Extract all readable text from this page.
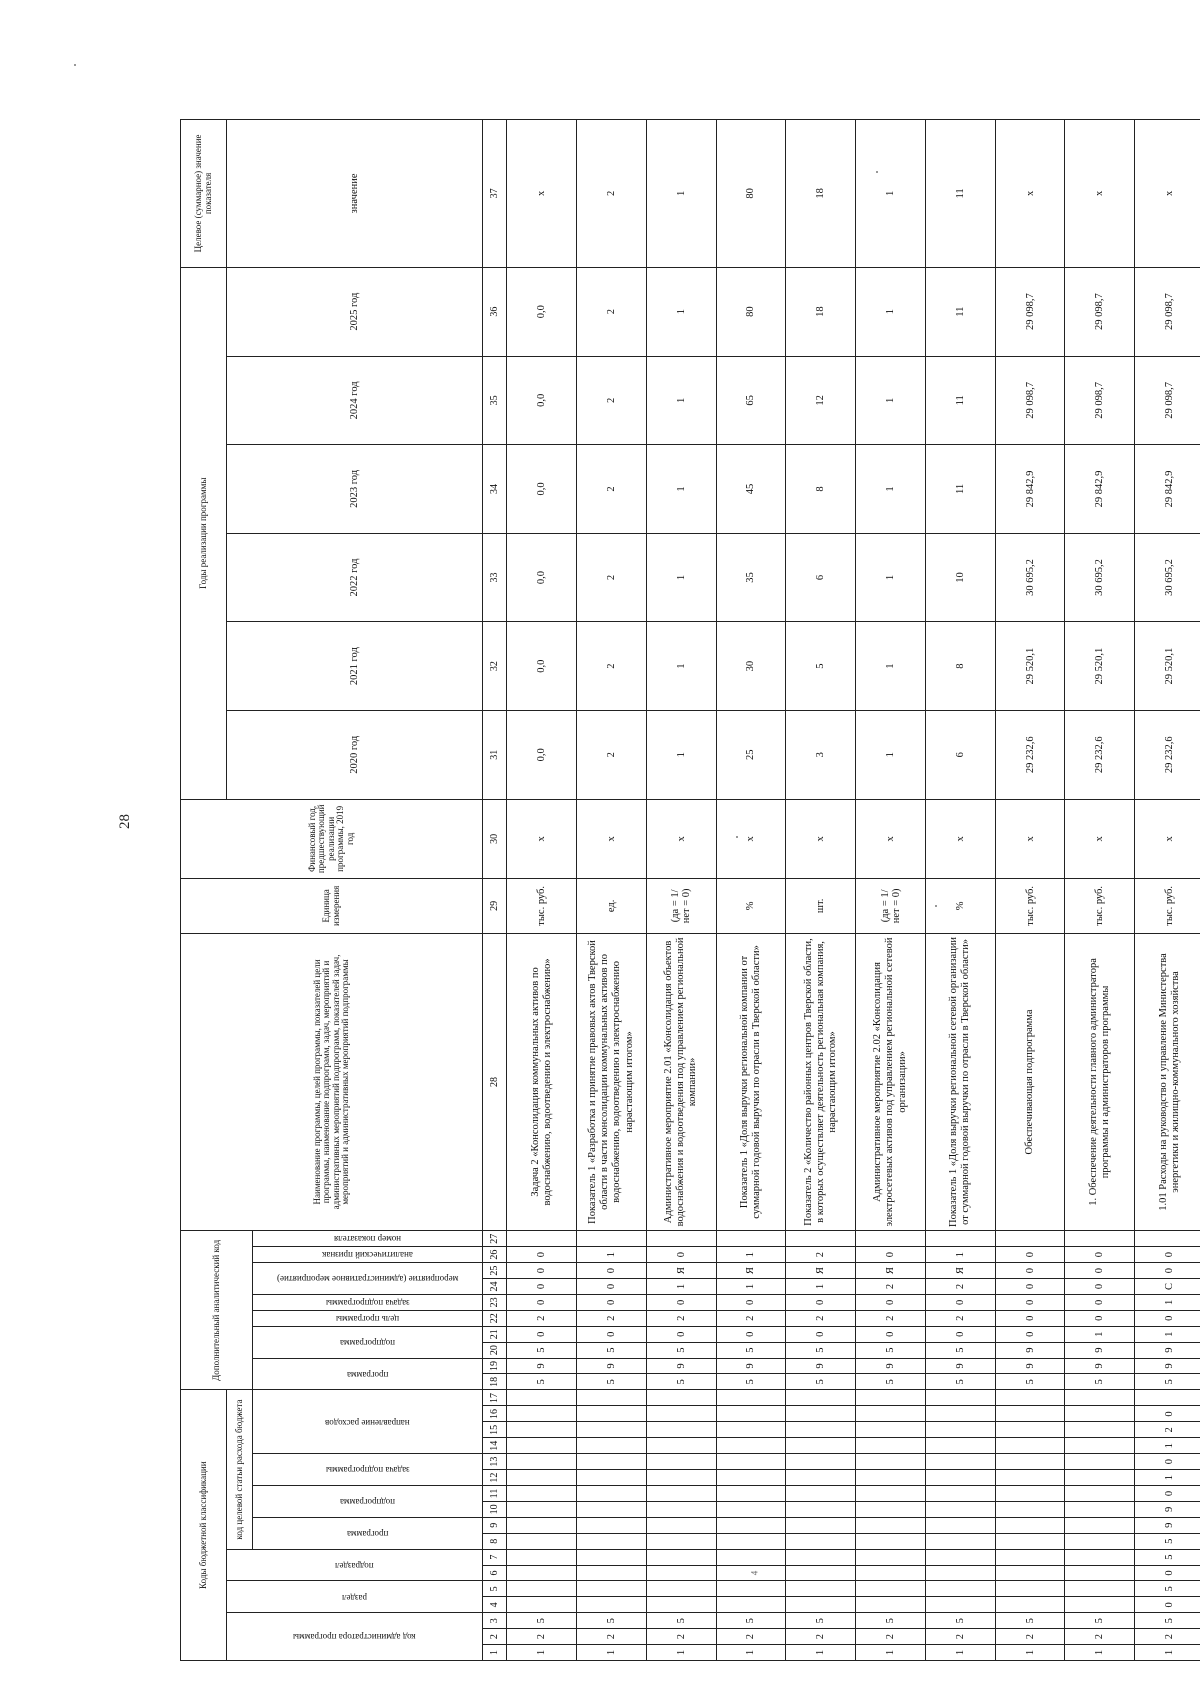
28
4
Коды бюджетной классификации																	Дополнительный аналитический код										Наименование программы, целей программы, показателей цели программы, наименование подпрограмм, задач, мероприятий и административных мероприятий подпрограмм, показателей задач, мероприятий и административных мероприятий подпрограммы	Единица измерения	Финансовый год, предшествующий реализации программы, 2019 год	Годы реализации программы						Целевое (суммарное) значение показателя

код администратора программы			раздел		подраздел		код целевой статьи расхода бюджета																							2020 год	2021 год	2022 год	2023 год	2024 год	2025 год	значение

							программа		подпрограмма		задача подпрограммы		направление расходов				программа		подпрограмма		цель программы	задача подпрограммы	мероприятие (административное мероприятие)		аналитический признак	номер показателя										

1	2	3	4	5	6	7	8	9	10	11	12	13	14	15	16	17	18	19	20	21	22	23	24	25	26	27	28	29	30	31	32	33	34	35	36	37
1	2	5															5	9	5	0	2	0	0	0	0		Задача 2 «Консолидация коммунальных активов по водоснабжению, водоотведению и электроснабжению»	тыс. руб.	x	0,0	0,0	0,0	0,0	0,0	0,0	x
1	2	5															5	9	5	0	2	0	0	0	1		Показатель 1 «Разработка и принятие правовых актов Тверской области в части консолидации коммунальных активов по водоснабжению, водоотведению и электроснабжению нарастающим итогом»	ед.	x	2	2	2	2	2	2	2
1	2	5															5	9	5	0	2	0	1	Я	0		Административное мероприятие 2.01 «Консолидация объектов водоснабжения и водоотведения под управлением региональной компании»	(да = 1/ нет = 0)	x	1	1	1	1	1	1	1
1	2	5															5	9	5	0	2	0	1	Я	1		Показатель 1 «Доля выручки региональной компании от суммарной годовой выручки по отрасли в Тверской области»	%	x	25	30	35	45	65	80	80
1	2	5															5	9	5	0	2	0	1	Я	2		Показатель 2 «Количество районных центров Тверской области, в которых осуществляет деятельность региональная компания, нарастающим итогом»	шт.	x	3	5	6	8	12	18	18
1	2	5															5	9	5	0	2	0	2	Я	0		Административное мероприятие 2.02 «Консолидация электросетевых активов под управлением региональной сетевой организации»	(да = 1/ нет = 0)	x	1	1	1	1	1	1	1
1	2	5															5	9	5	0	2	0	2	Я	1		Показатель 1 «Доля выручки региональной сетевой организации от суммарной годовой выручки по отрасли в Тверской области»	%	x	6	8	10	11	11	11	11
1	2	5															5	9	9	0	0	0	0	0	0		Обеспечивающая подпрограмма	тыс. руб.	x	29 232,6	29 520,1	30 695,2	29 842,9	29 098,7	29 098,7	x
1	2	5															5	9	9	1	0	0	0	0	0		1. Обеспечение деятельности главного администратора программы и администраторов программы	тыс. руб.	x	29 232,6	29 520,1	30 695,2	29 842,9	29 098,7	29 098,7	x
1	2	5	0	5	0	5	5	9	9	0	1	0	1	2	0		5	9	9	1	0	1	С	0	0		1.01 Расходы на руководство и управление Министерства энергетики и жилищно-коммунального хозяйства	тыс. руб.	x	29 232,6	29 520,1	30 695,2	29 842,9	29 098,7	29 098,7	x
